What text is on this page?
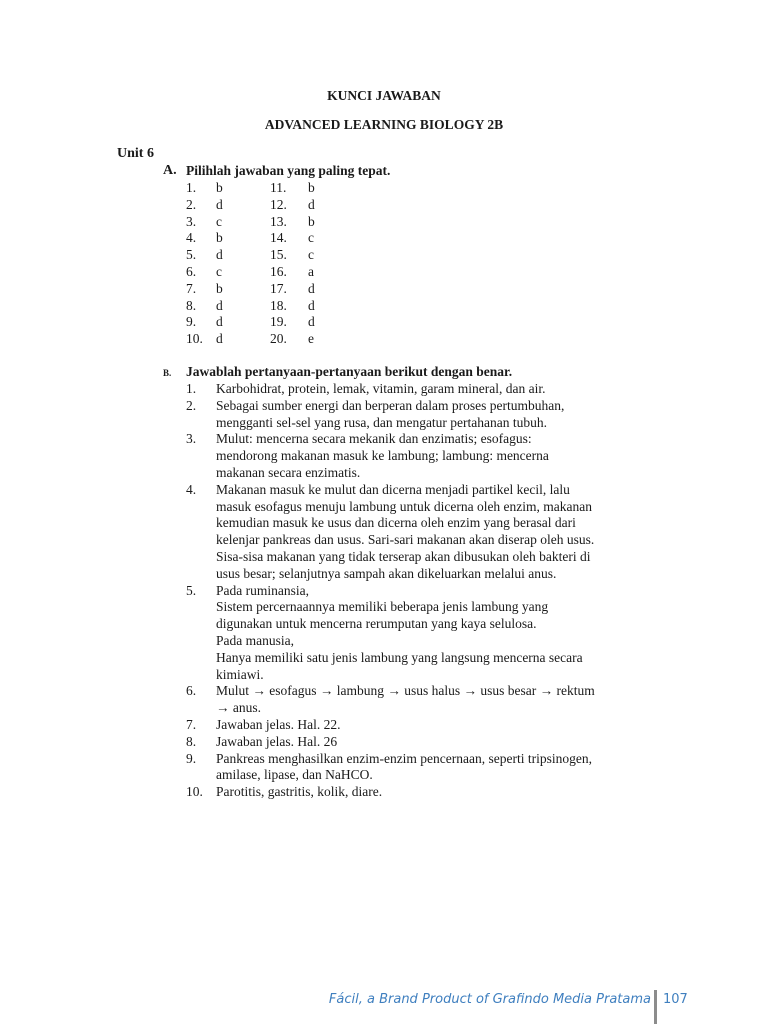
KUNCI JAWABAN
ADVANCED LEARNING BIOLOGY 2B
Unit 6
A. Pilihlah jawaban yang paling tepat.
1. b	11. b
2. d	12. d
3. c	13. b
4. b	14. c
5. d	15. c
6. c	16. a
7. b	17. d
8. d	18. d
9. d	19. d
10. d	20. e
B. Jawablah pertanyaan-pertanyaan berikut dengan benar.
1. Karbohidrat, protein, lemak, vitamin, garam mineral, dan air.
2. Sebagai sumber energi dan berperan dalam proses pertumbuhan,
mengganti sel-sel yang rusa, dan mengatur pertahanan tubuh.
3. Mulut: mencerna secara mekanik dan enzimatis; esofagus:
mendorong makanan masuk ke lambung; lambung: mencerna
makanan secara enzimatis.
4. Makanan masuk ke mulut dan dicerna menjadi partikel kecil, lalu
masuk esofagus menuju lambung untuk dicerna oleh enzim, makanan
kemudian masuk ke usus dan dicerna oleh enzim yang berasal dari
kelenjar pankreas dan usus. Sari-sari makanan akan diserap oleh usus.
Sisa-sisa makanan yang tidak terserap akan dibusukan oleh bakteri di
usus besar; selanjutnya sampah akan dikeluarkan melalui anus.
5. Pada ruminansia,
Sistem percernaannya memiliki beberapa jenis lambung yang
digunakan untuk mencerna rerumputan yang kaya selulosa.
Pada manusia,
Hanya memiliki satu jenis lambung yang langsung mencerna secara
kimiawi.
6. Mulut → esofagus → lambung → usus halus → usus besar → rektum
→ anus.
7. Jawaban jelas. Hal. 22.
8. Jawaban jelas. Hal. 26
9. Pankreas menghasilkan enzim-enzim pencernaan, seperti tripsinogen,
amilase, lipase, dan NaHCO.
10. Parotitis, gastritis, kolik, diare.
Fácil, a Brand Product of Grafindo Media Pratama 107
